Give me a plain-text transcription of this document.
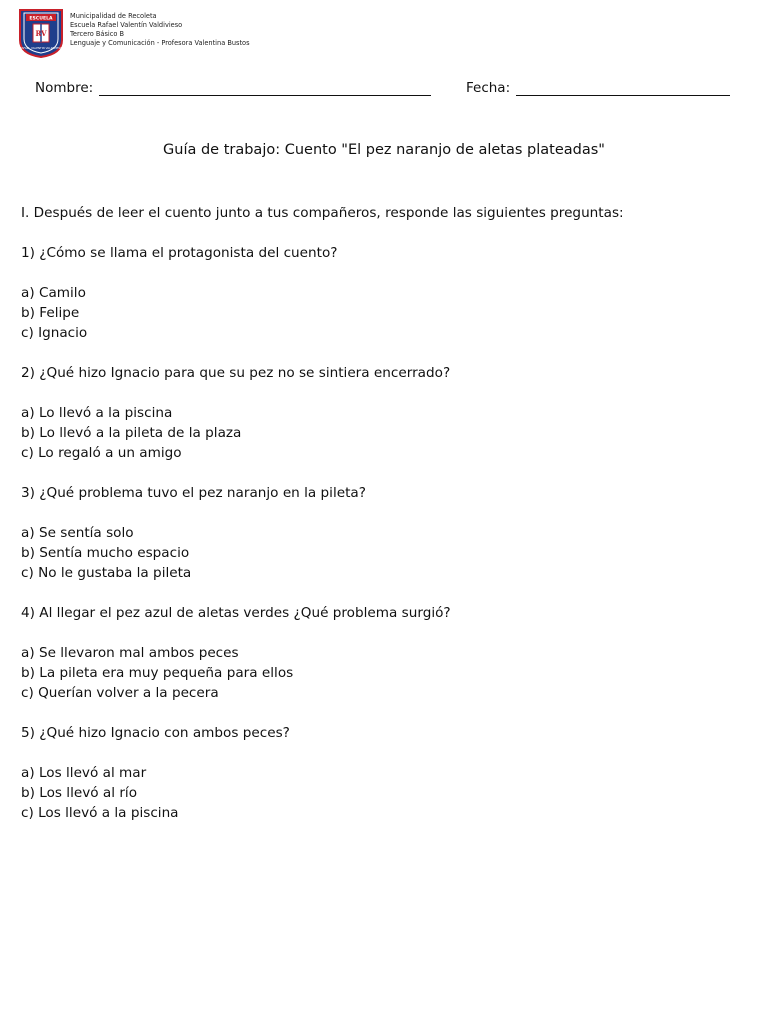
ESCUELA
RV
RAFAEL VALENTIN VALDIVIESO
Municipalidad de Recoleta
Escuela Rafael Valentín Valdivieso
Tercero Básico B
Lenguaje y Comunicación - Profesora Valentina Bustos
Nombre:	Fecha:
Guía de trabajo: Cuento "El pez naranjo de aletas plateadas"

I. Después de leer el cuento junto a tus compañeros, responde las siguientes preguntas:

1) ¿Cómo se llama el protagonista del cuento?
a) Camilo
b) Felipe
c) Ignacio
2) ¿Qué hizo Ignacio para que su pez no se sintiera encerrado?
a) Lo llevó a la piscina
b) Lo llevó a la pileta de la plaza
c) Lo regaló a un amigo
3) ¿Qué problema tuvo el pez naranjo en la pileta?
a) Se sentía solo
b) Sentía mucho espacio
c) No le gustaba la pileta
4) Al llegar el pez azul de aletas verdes ¿Qué problema surgió?
a) Se llevaron mal ambos peces
b) La pileta era muy pequeña para ellos
c) Querían volver a la pecera
5) ¿Qué hizo Ignacio con ambos peces?
a) Los llevó al mar
b) Los llevó al río
c) Los llevó a la piscina
